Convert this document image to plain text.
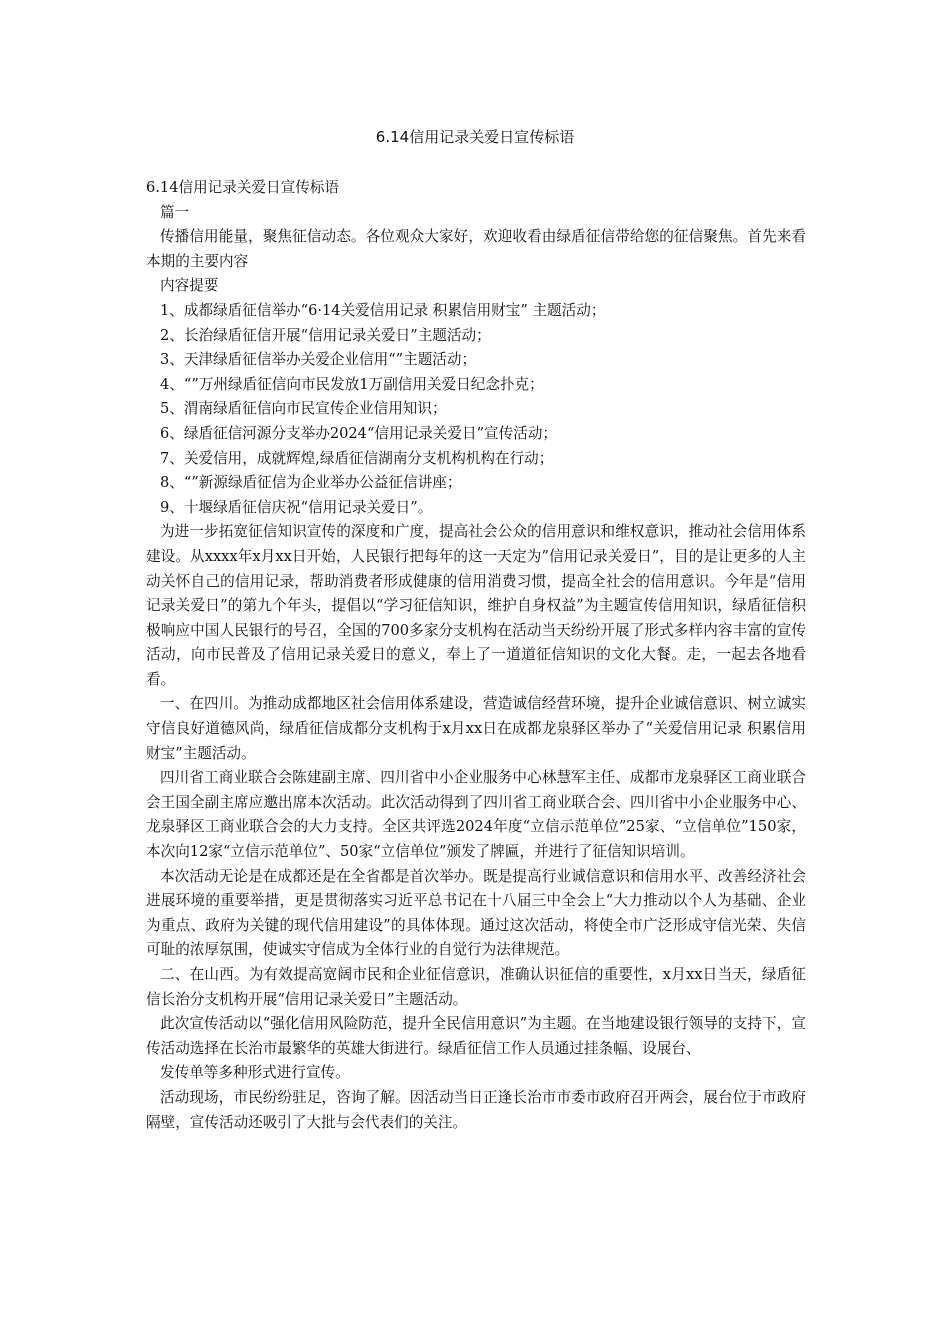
6.14信用记录关爱日宣传标语

6.14信用记录关爱日宣传标语

篇一

传播信用能量，聚焦征信动态。各位观众大家好，欢迎收看由绿盾征信带给您的征信聚焦。首先来看本期的主要内容

内容提要

1、成都绿盾征信举办“6·14关爱信用记录 积累信用财宝” 主题活动；

2、长治绿盾征信开展“信用记录关爱日”主题活动；

3、天津绿盾征信举办关爱企业信用“”主题活动；

4、“”万州绿盾征信向市民发放1万副信用关爱日纪念扑克；

5、渭南绿盾征信向市民宣传企业信用知识；

6、绿盾征信河源分支举办2024“信用记录关爱日”宣传活动；

7、关爱信用，成就辉煌,绿盾征信湖南分支机构机构在行动；

8、“”新源绿盾征信为企业举办公益征信讲座；

9、十堰绿盾征信庆祝“信用记录关爱日”。

为进一步拓宽征信知识宣传的深度和广度，提高社会公众的信用意识和维权意识，推动社会信用体系建设。从xxxx年x月xx日开始，人民银行把每年的这一天定为”信用记录关爱日”，目的是让更多的人主动关怀自己的信用记录，帮助消费者形成健康的信用消费习惯，提高全社会的信用意识。今年是“信用记录关爱日”的第九个年头，提倡以“学习征信知识，维护自身权益”为主题宣传信用知识，绿盾征信积极响应中国人民银行的号召，全国的700多家分支机构在活动当天纷纷开展了形式多样内容丰富的宣传活动，向市民普及了信用记录关爱日的意义，奉上了一道道征信知识的文化大餐。走，一起去各地看看。

一、在四川。为推动成都地区社会信用体系建设，营造诚信经营环境，提升企业诚信意识、树立诚实守信良好道德风尚，绿盾征信成都分支机构于x月xx日在成都龙泉驿区举办了“关爱信用记录 积累信用财宝”主题活动。

四川省工商业联合会陈建副主席、四川省中小企业服务中心林慧军主任、成都市龙泉驿区工商业联合会王国全副主席应邀出席本次活动。此次活动得到了四川省工商业联合会、四川省中小企业服务中心、龙泉驿区工商业联合会的大力支持。全区共评选2024年度“立信示范单位”25家、“立信单位”150家，本次向12家“立信示范单位”、50家“立信单位”颁发了牌匾，并进行了征信知识培训。

本次活动无论是在成都还是在全省都是首次举办。既是提高行业诚信意识和信用水平、改善经济社会进展环境的重要举措，更是贯彻落实习近平总书记在十八届三中全会上“大力推动以个人为基础、企业为重点、政府为关键的现代信用建设”的具体体现。通过这次活动，将使全市广泛形成守信光荣、失信可耻的浓厚氛围，使诚实守信成为全体行业的自觉行为法律规范。

二、在山西。为有效提高宽阔市民和企业征信意识，准确认识征信的重要性，x月xx日当天，绿盾征信长治分支机构开展“信用记录关爱日”主题活动。

此次宣传活动以“强化信用风险防范，提升全民信用意识”为主题。在当地建设银行领导的支持下，宣传活动选择在长治市最繁华的英雄大街进行。绿盾征信工作人员通过挂条幅、设展台、

发传单等多种形式进行宣传。

活动现场，市民纷纷驻足，咨询了解。因活动当日正逢长治市市委市政府召开两会，展台位于市政府隔壁，宣传活动还吸引了大批与会代表们的关注。
